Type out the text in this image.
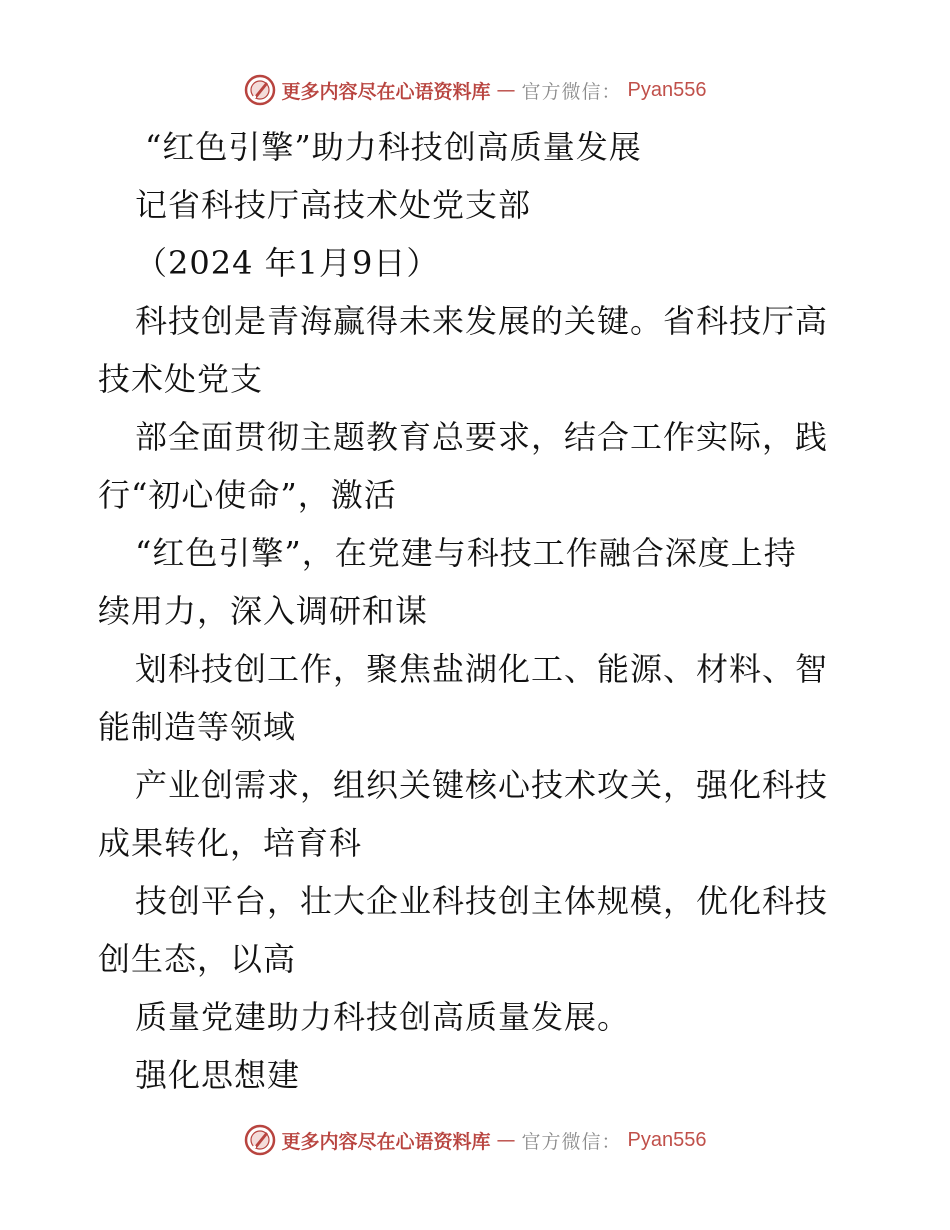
更多内容尽在心语资料库 — 官方微信： Pyan556
“红色引擎”助力科技创高质量发展
记省科技厅高技术处党支部
（2024 年1月9日）
科技创是青海赢得未来发展的关键。省科技厅高
技术处党支
部全面贯彻主题教育总要求，结合工作实际，践
行“初心使命”，激活
“红色引擎”，在党建与科技工作融合深度上持
续用力，深入调研和谋
划科技创工作，聚焦盐湖化工、能源、材料、智
能制造等领域
产业创需求，组织关键核心技术攻关，强化科技
成果转化，培育科
技创平台，壮大企业科技创主体规模，优化科技
创生态，以高
质量党建助力科技创高质量发展。
强化思想建
更多内容尽在心语资料库 — 官方微信： Pyan556
